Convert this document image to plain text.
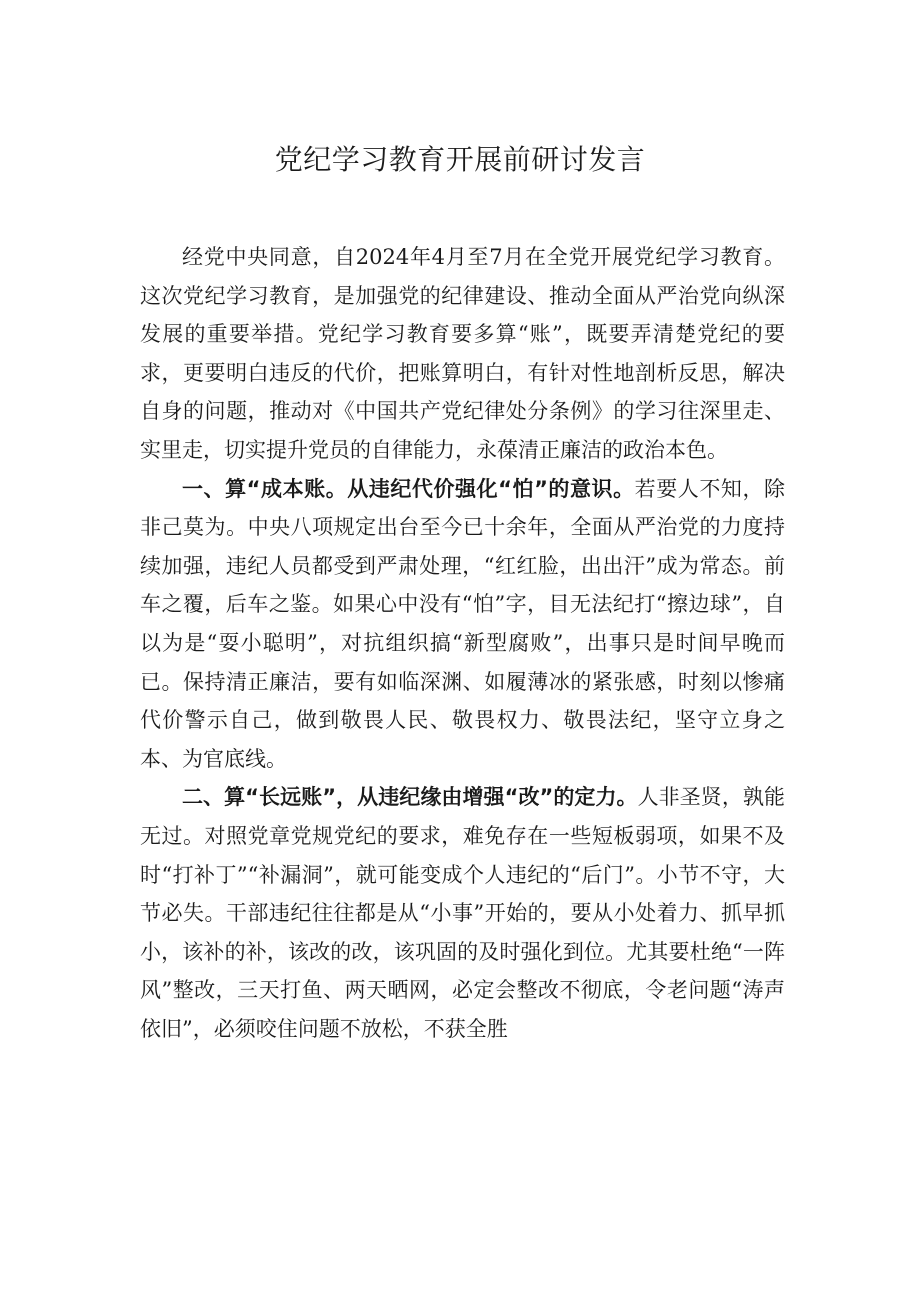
党纪学习教育开展前研讨发言

经党中央同意，自2024年4月至7月在全党开展党纪学习教育。这次党纪学习教育，是加强党的纪律建设、推动全面从严治党向纵深发展的重要举措。党纪学习教育要多算“账”，既要弄清楚党纪的要求，更要明白违反的代价，把账算明白，有针对性地剖析反思，解决自身的问题，推动对《中国共产党纪律处分条例》的学习往深里走、实里走，切实提升党员的自律能力，永葆清正廉洁的政治本色。

一、算“成本账。从违纪代价强化“怕”的意识。若要人不知，除非己莫为。中央八项规定出台至今已十余年，全面从严治党的力度持续加强，违纪人员都受到严肃处理，“红红脸，出出汗”成为常态。前车之覆，后车之鉴。如果心中没有“怕”字，目无法纪打“擦边球”，自以为是“耍小聪明”，对抗组织搞“新型腐败”，出事只是时间早晚而已。保持清正廉洁，要有如临深渊、如履薄冰的紧张感，时刻以惨痛代价警示自己，做到敬畏人民、敬畏权力、敬畏法纪，坚守立身之本、为官底线。

二、算“长远账”，从违纪缘由增强“改”的定力。人非圣贤，孰能无过。对照党章党规党纪的要求，难免存在一些短板弱项，如果不及时“打补丁”“补漏洞”，就可能变成个人违纪的“后门”。小节不守，大节必失。干部违纪往往都是从“小事”开始的，要从小处着力、抓早抓小，该补的补，该改的改，该巩固的及时强化到位。尤其要杜绝“一阵风”整改，三天打鱼、两天晒网，必定会整改不彻底，令老问题“涛声依旧”，必须咬住问题不放松，不获全胜
